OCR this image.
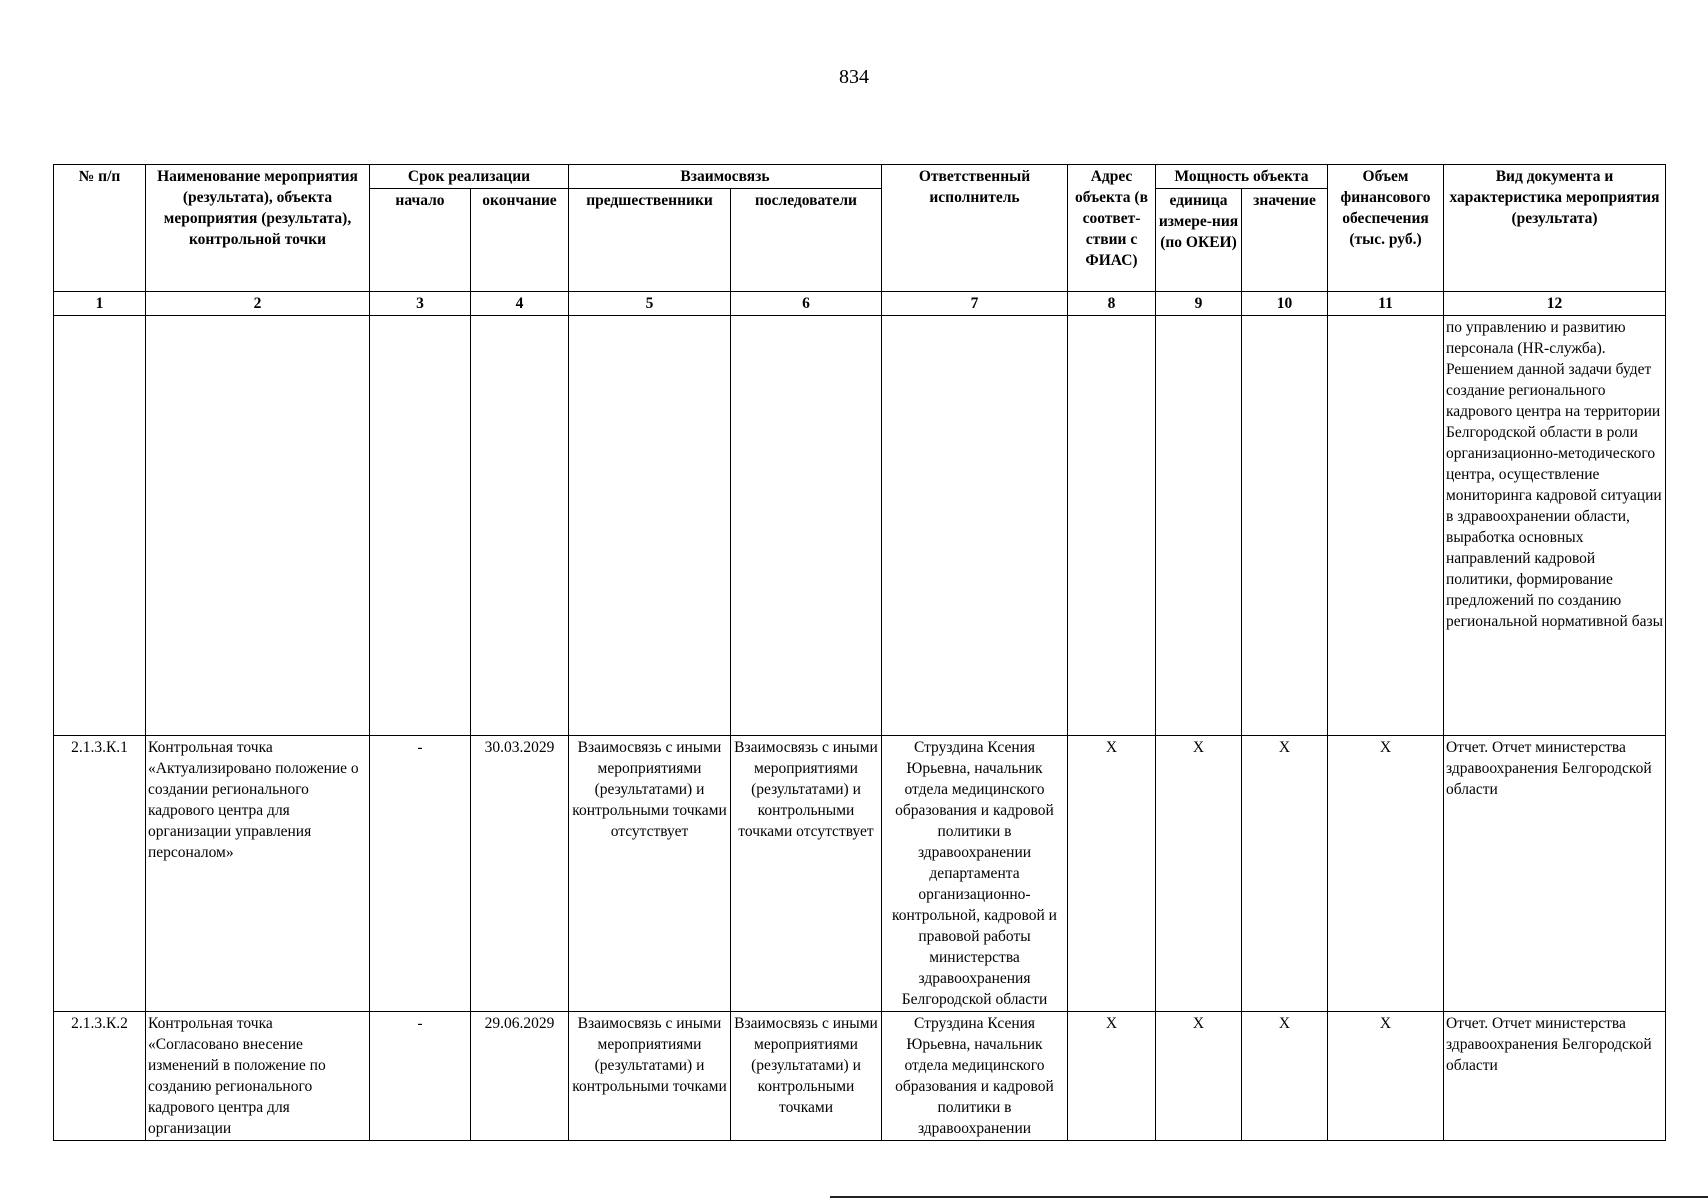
834
№ п/п	Наименование мероприятия (результата), объекта мероприятия (результата), контрольной точки	Срок реализации		Взаимосвязь		Ответственный исполнитель	Адрес объекта (в соответ-ствии с ФИАС)	Мощность объекта		Объем финансового обеспечения (тыс. руб.)	Вид документа и характеристика мероприятия (результата)
		начало	окончание	предшественники	последователи			единица измере-ния (по ОКЕИ)	значение		
1	2	3	4	5	6	7	8	9	10	11	12
											по управлению и развитию персонала (HR-служба). Решением данной задачи будет создание регионального кадрового центра на территории Белгородской области в роли организационно-методического центра, осуществление мониторинга кадровой ситуации в здравоохранении области, выработка основных направлений кадровой политики, формирование предложений по созданию региональной нормативной базы
2.1.3.К.1	Контрольная точка «Актуализировано положение о создании регионального кадрового центра для организации управления персоналом»	-	30.03.2029	Взаимосвязь с иными мероприятиями (результатами) и контрольными точками отсутствует	Взаимосвязь с иными мероприятиями (результатами) и контрольными точками отсутствует	Струздина Ксения Юрьевна, начальник отдела медицинского образования и кадровой политики в здравоохранении департамента организационно-контрольной, кадровой и правовой работы министерства здравоохранения Белгородской области	X	X	X	X	Отчет. Отчет министерства здравоохранения Белгородской области
2.1.3.К.2	Контрольная точка «Согласовано внесение изменений в положение по созданию регионального кадрового центра для организации	-	29.06.2029	Взаимосвязь с иными мероприятиями (результатами) и контрольными точками	Взаимосвязь с иными мероприятиями (результатами) и контрольными точками	Струздина Ксения Юрьевна, начальник отдела медицинского образования и кадровой политики в здравоохранении	X	X	X	X	Отчет. Отчет министерства здравоохранения Белгородской области
